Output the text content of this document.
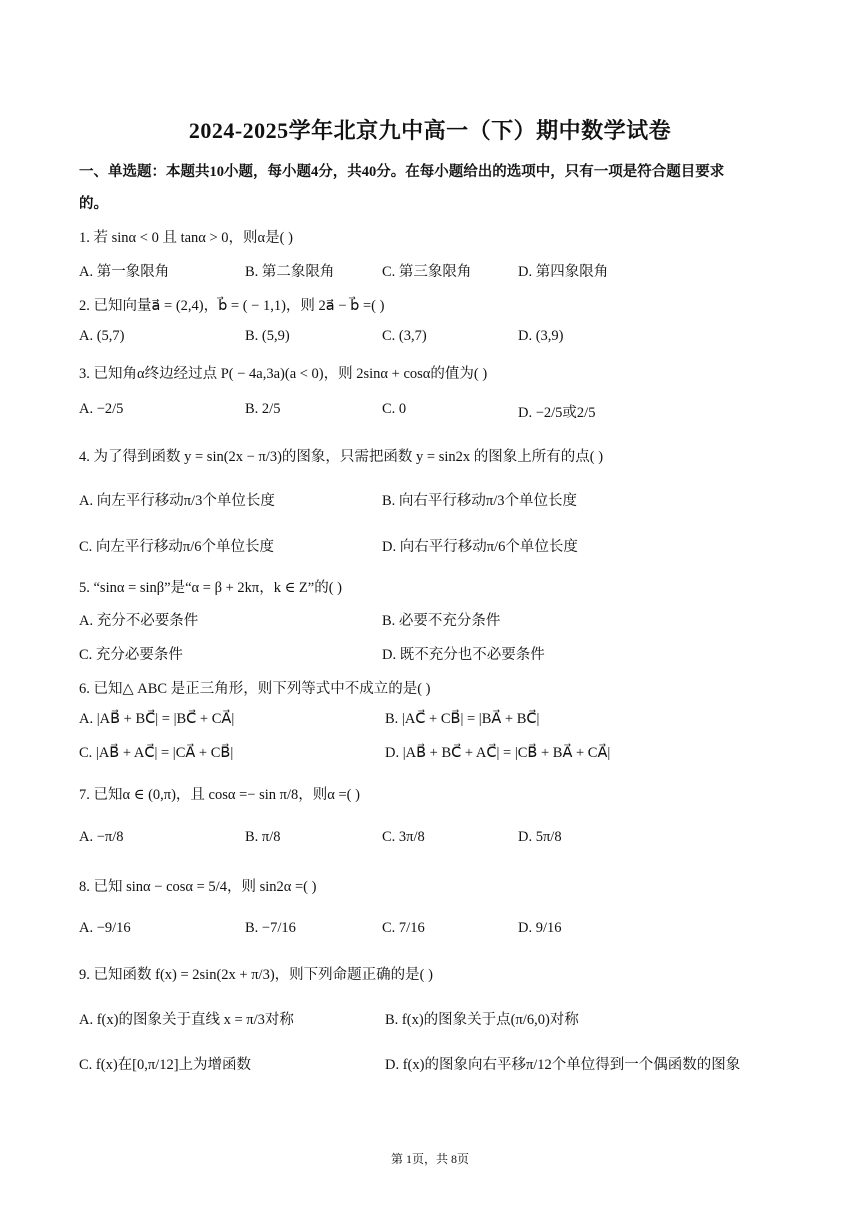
2024-2025学年北京九中高一（下）期中数学试卷
一、单选题：本题共10小题，每小题4分，共40分。在每小题给出的选项中，只有一项是符合题目要求
的。
1. 若 sinα < 0 且 tanα > 0，则α是( )
A. 第一象限角	B. 第二象限角	C. 第三象限角	D. 第四象限角
2. 已知向量a⃗ = (2,4)，b⃗ = ( − 1,1)，则 2a⃗ − b⃗ =( )
A. (5,7)	B. (5,9)	C. (3,7)	D. (3,9)
3. 已知角α终边经过点 P( − 4a,3a)(a < 0)，则 2sinα + cosα的值为( )
A. −2/5	B. 2/5	C. 0	D. −2/5或2/5
4. 为了得到函数 y = sin(2x − π/3)的图象，只需把函数 y = sin2x 的图象上所有的点( )
A. 向左平行移动π/3个单位长度	B. 向右平行移动π/3个单位长度
C. 向左平行移动π/6个单位长度	D. 向右平行移动π/6个单位长度
5. “sinα = sinβ”是“α = β + 2kπ，k ∈ Z”的( )
A. 充分不必要条件	B. 必要不充分条件
C. 充分必要条件	D. 既不充分也不必要条件
6. 已知△ ABC 是正三角形，则下列等式中不成立的是( )
A. |AB⃗ + BC⃗| = |BC⃗ + CA⃗|	B. |AC⃗ + CB⃗| = |BA⃗ + BC⃗|
C. |AB⃗ + AC⃗| = |CA⃗ + CB⃗|	D. |AB⃗ + BC⃗ + AC⃗| = |CB⃗ + BA⃗ + CA⃗|
7. 已知α ∈ (0,π)，且 cosα =− sin π/8，则α =( )
A. −π/8	B. π/8	C. 3π/8	D. 5π/8
8. 已知 sinα − cosα = 5/4，则 sin2α =( )
A. −9/16	B. −7/16	C. 7/16	D. 9/16
9. 已知函数 f(x) = 2sin(2x + π/3)，则下列命题正确的是( )
A. f(x)的图象关于直线 x = π/3对称	B. f(x)的图象关于点(π/6,0)对称
C. f(x)在[0,π/12]上为增函数	D. f(x)的图象向右平移π/12个单位得到一个偶函数的图象
第 1页，共 8页
